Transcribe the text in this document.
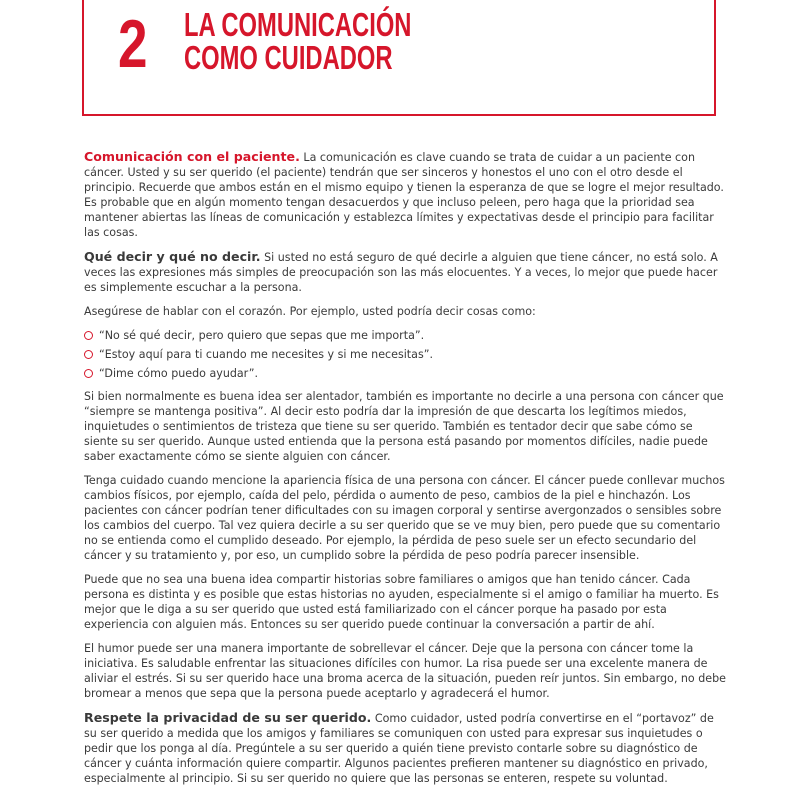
2 LA COMUNICACIÓN
COMO CUIDADOR

Comunicación con el paciente. La comunicación es clave cuando se trata de cuidar a un paciente con cáncer. Usted y su ser querido (el paciente) tendrán que ser sinceros y honestos el uno con el otro desde el principio. Recuerde que ambos están en el mismo equipo y tienen la esperanza de que se logre el mejor resultado. Es probable que en algún momento tengan desacuerdos y que incluso peleen, pero haga que la prioridad sea mantener abiertas las líneas de comunicación y establezca límites y expectativas desde el principio para facilitar las cosas.

Qué decir y qué no decir. Si usted no está seguro de qué decirle a alguien que tiene cáncer, no está solo. A veces las expresiones más simples de preocupación son las más elocuentes. Y a veces, lo mejor que puede hacer es simplemente escuchar a la persona.

Asegúrese de hablar con el corazón. Por ejemplo, usted podría decir cosas como:

“No sé qué decir, pero quiero que sepas que me importa”.
“Estoy aquí para ti cuando me necesites y si me necesitas”.
“Dime cómo puedo ayudar”.

Si bien normalmente es buena idea ser alentador, también es importante no decirle a una persona con cáncer que “siempre se mantenga positiva”. Al decir esto podría dar la impresión de que descarta los legítimos miedos, inquietudes o sentimientos de tristeza que tiene su ser querido. También es tentador decir que sabe cómo se siente su ser querido. Aunque usted entienda que la persona está pasando por momentos difíciles, nadie puede saber exactamente cómo se siente alguien con cáncer.

Tenga cuidado cuando mencione la apariencia física de una persona con cáncer. El cáncer puede conllevar muchos cambios físicos, por ejemplo, caída del pelo, pérdida o aumento de peso, cambios de la piel e hinchazón. Los pacientes con cáncer podrían tener dificultades con su imagen corporal y sentirse avergonzados o sensibles sobre los cambios del cuerpo. Tal vez quiera decirle a su ser querido que se ve muy bien, pero puede que su comentario no se entienda como el cumplido deseado. Por ejemplo, la pérdida de peso suele ser un efecto secundario del cáncer y su tratamiento y, por eso, un cumplido sobre la pérdida de peso podría parecer insensible.

Puede que no sea una buena idea compartir historias sobre familiares o amigos que han tenido cáncer. Cada persona es distinta y es posible que estas historias no ayuden, especialmente si el amigo o familiar ha muerto. Es mejor que le diga a su ser querido que usted está familiarizado con el cáncer porque ha pasado por esta experiencia con alguien más. Entonces su ser querido puede continuar la conversación a partir de ahí.

El humor puede ser una manera importante de sobrellevar el cáncer. Deje que la persona con cáncer tome la iniciativa. Es saludable enfrentar las situaciones difíciles con humor. La risa puede ser una excelente manera de aliviar el estrés. Si su ser querido hace una broma acerca de la situación, pueden reír juntos. Sin embargo, no debe bromear a menos que sepa que la persona puede aceptarlo y agradecerá el humor.

Respete la privacidad de su ser querido. Como cuidador, usted podría convertirse en el “portavoz” de su ser querido a medida que los amigos y familiares se comuniquen con usted para expresar sus inquietudes o pedir que los ponga al día. Pregúntele a su ser querido a quién tiene previsto contarle sobre su diagnóstico de cáncer y cuánta información quiere compartir. Algunos pacientes prefieren mantener su diagnóstico en privado, especialmente al principio. Si su ser querido no quiere que las personas se enteren, respete su voluntad.
